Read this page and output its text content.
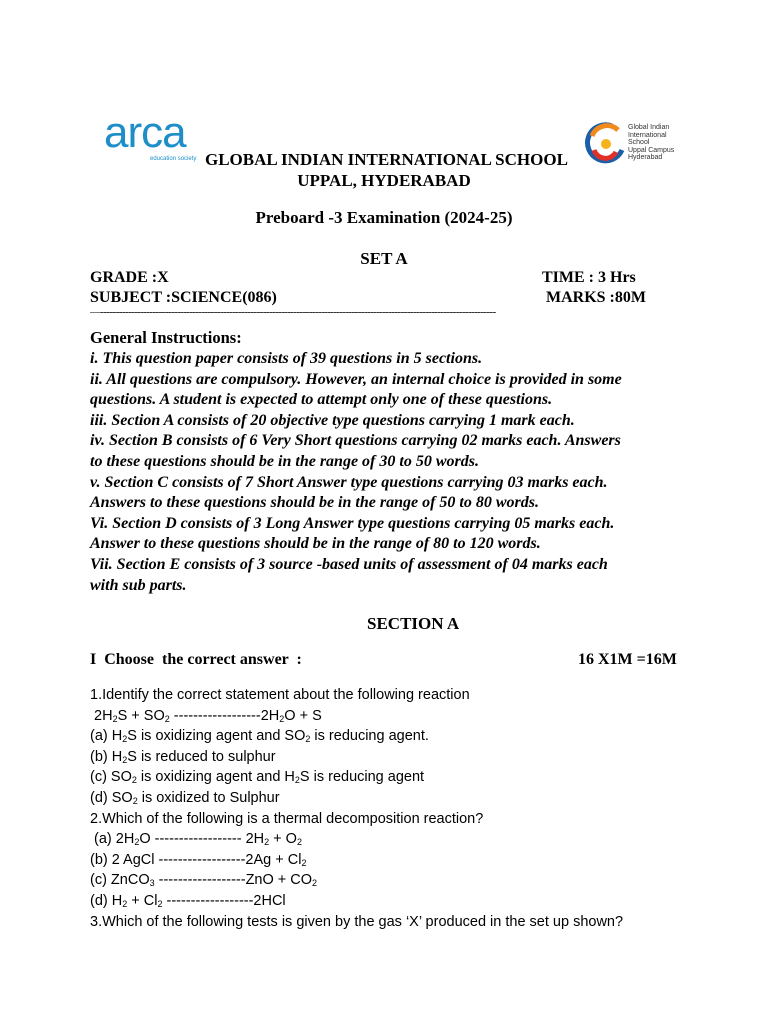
arca
education society
Global Indian
International
School
Uppal Campus
Hyderabad
GLOBAL INDIAN INTERNATIONAL SCHOOL
UPPAL, HYDERABAD
Preboard -3 Examination (2024-25)
SET A
GRADE :X	TIME : 3 Hrs
SUBJECT :SCIENCE(086)	MARKS :80M
—---------------------------------------------------------------------------------------------------------------------------------
General Instructions:
i. This question paper consists of 39 questions in 5 sections.
ii. All questions are compulsory. However, an internal choice is provided in some
questions. A student is expected to attempt only one of these questions.
iii. Section A consists of 20 objective type questions carrying 1 mark each.
iv. Section B consists of 6 Very Short questions carrying 02 marks each. Answers
to these questions should be in the range of 30 to 50 words.
v. Section C consists of 7 Short Answer type questions carrying 03 marks each.
Answers to these questions should be in the range of 50 to 80 words.
Vi. Section D consists of 3 Long Answer type questions carrying 05 marks each.
Answer to these questions should be in the range of 80 to 120 words.
Vii. Section E consists of 3 source -based units of assessment of 04 marks each
with sub parts.
SECTION A
I  Choose  the correct answer  :	16 X1M =16M
1.Identify the correct statement about the following reaction
$2H_2S + SO_2$ $------------------2H_2O + S$
(a) $H_2S$ is oxidizing agent and $SO_2$ is reducing agent.
(b) $H_2S$ is reduced to sulphur
(c) $SO_2$ is oxidizing agent and $H_2S$ is reducing agent
(d) $SO_2$ is oxidized to Sulphur
2.Which of the following is a thermal decomposition reaction?
(a) $2H_2O$ ------------------ $2H_2 + O_2$
(b) 2 AgCl $------------------2Ag + Cl_2$
(c) ZnCO$_3$ $------------------ZnO + CO_2$
(d) $H_2 + Cl_2$ ------------------2HCl
3.Which of the following tests is given by the gas ‘X’ produced in the set up shown?
